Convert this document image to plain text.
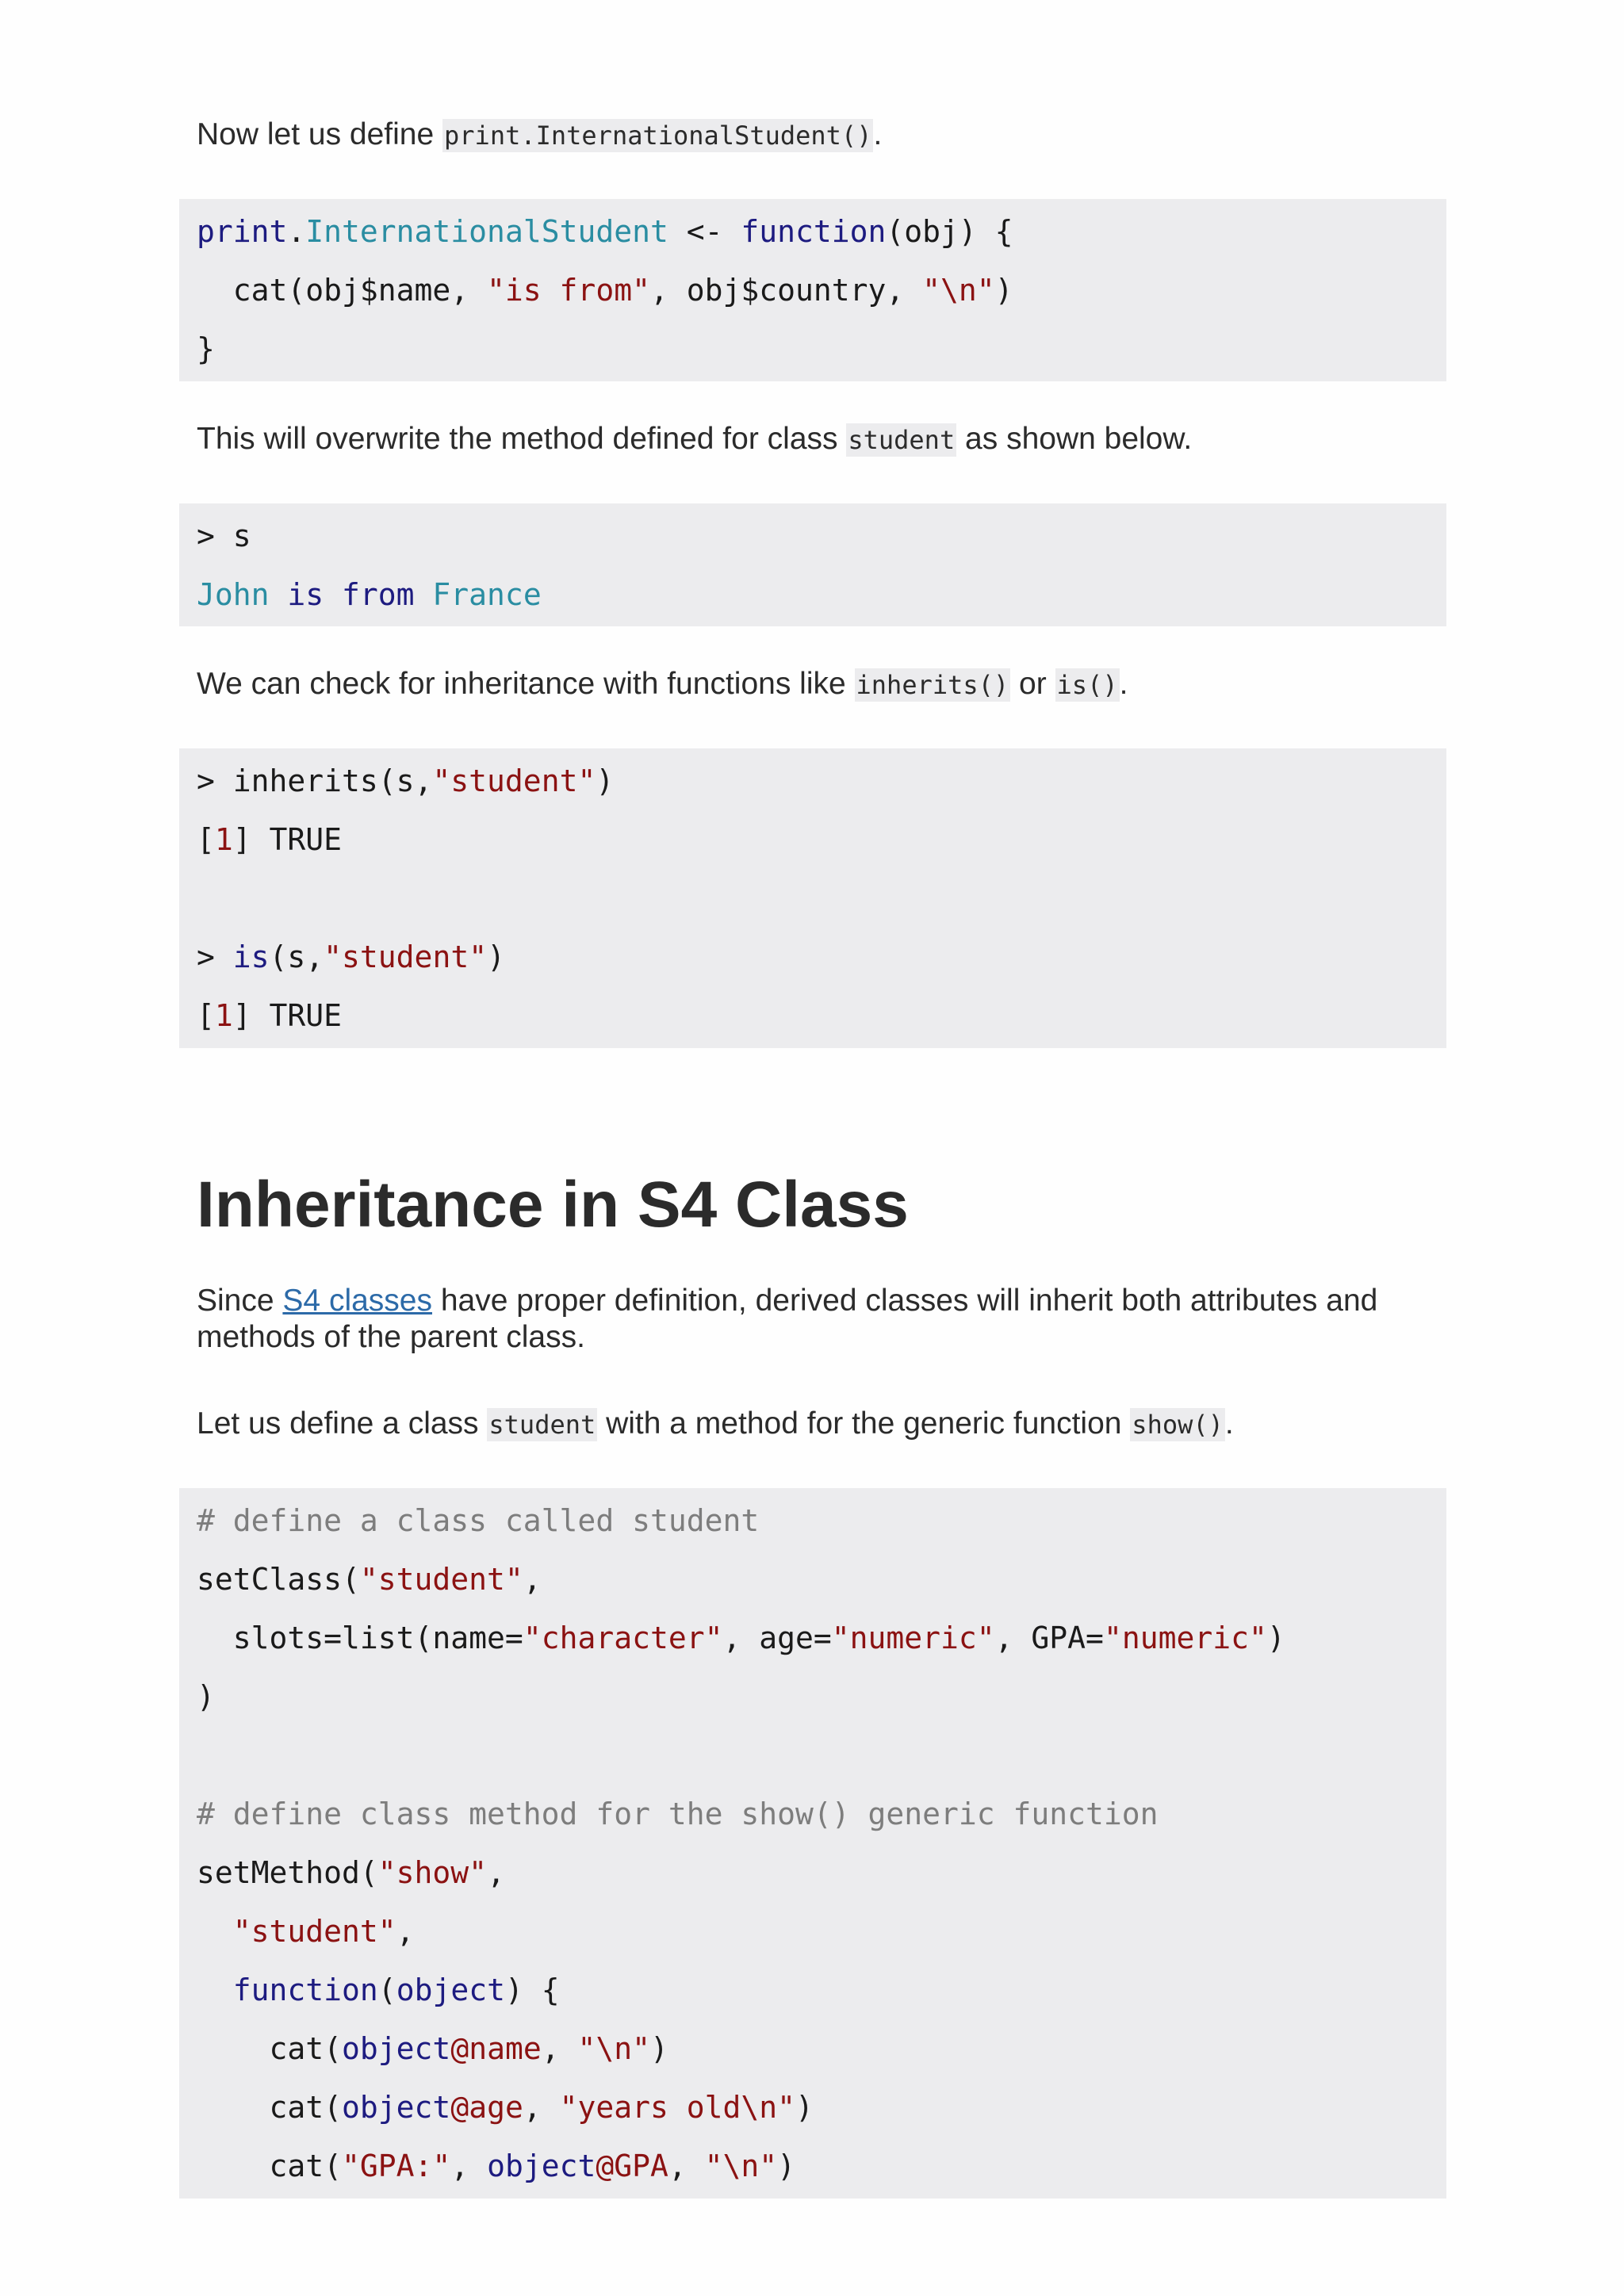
Now let us define print.InternationalStudent().

print.InternationalStudent <- function(obj) {
cat(obj$name, "is from", obj$country, "\n")
}

This will overwrite the method defined for class student as shown below.

> s
John is from France

We can check for inheritance with functions like inherits() or is().

> inherits(s,"student")
[1] TRUE
> is(s,"student")
[1] TRUE
Inheritance in S4 Class

Since S4 classes have proper definition, derived classes will inherit both attributes and methods of the parent class.

Let us define a class student with a method for the generic function show().

# define a class called student
setClass("student",
slots=list(name="character", age="numeric", GPA="numeric")
)
# define class method for the show() generic function
setMethod("show",
"student",
function(object) {
cat(object@name, "\n")
cat(object@age, "years old\n")
cat("GPA:", object@GPA, "\n")
